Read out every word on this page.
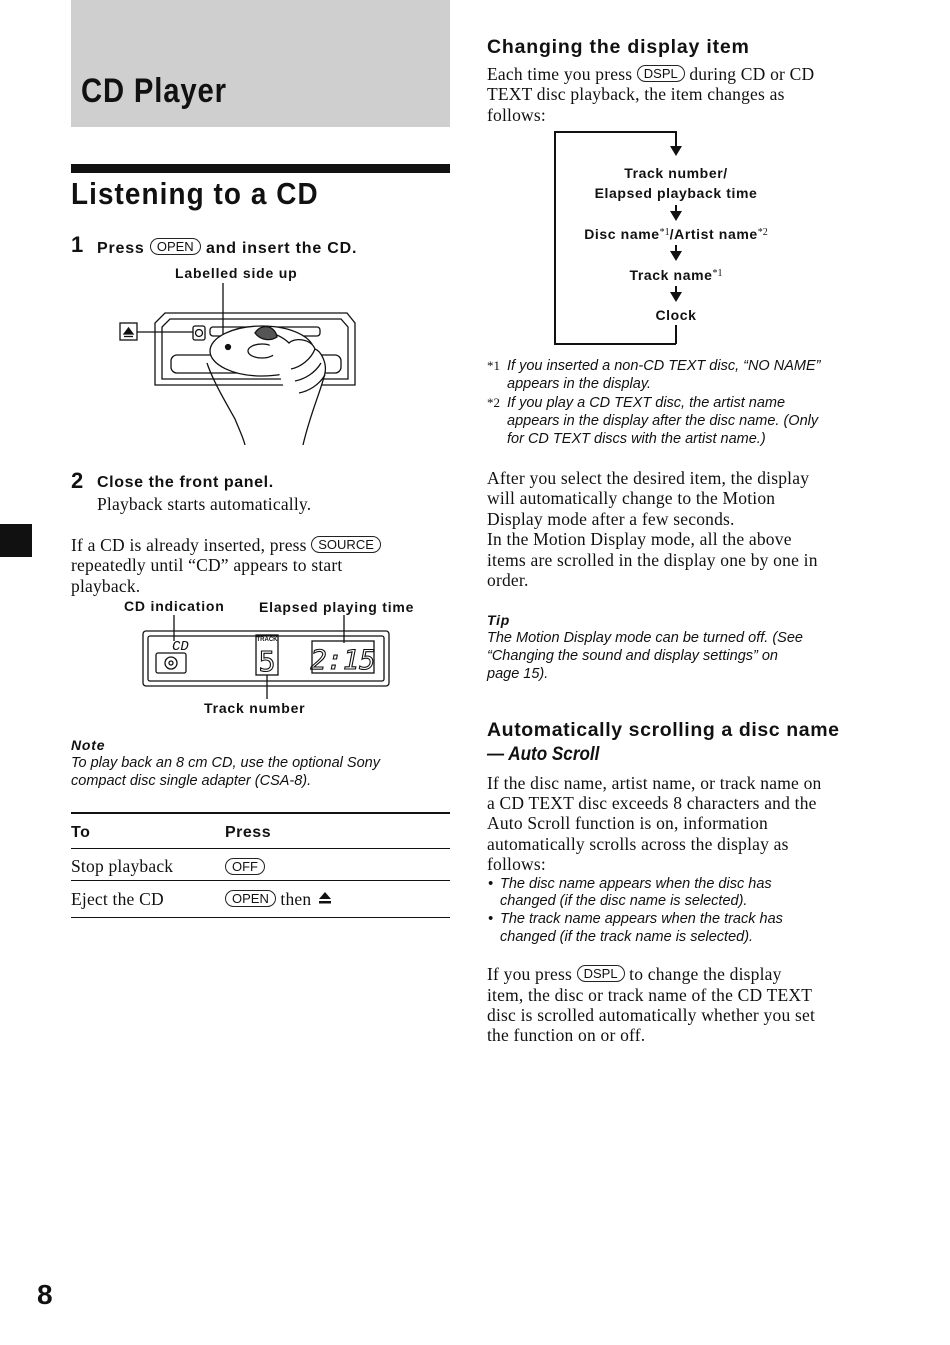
CD Player
Listening to a CD
1 Press OPEN and insert the CD.
Labelled side up
2 Close the front panel.
Playback starts automatically.
If a CD is already inserted, press SOURCE
repeatedly until “CD” appears to start
playback.
CD indication Elapsed playing time
Track number
CD	TRACK
5 2:15
Note
To play back an 8 cm CD, use the optional Sony
compact disc single adapter (CSA-8).
To	Press
Stop playback	OFF
Eject the CD	OPEN then
8
Changing the display item
Each time you press DSPL during CD or CD
TEXT disc playback, the item changes as
follows:
Track number/
Elapsed playback time
Disc name$^{*1}$/Artist name$^{*2}$
Track name$^{*1}$
Clock
*1 If you inserted a non-CD TEXT disc, “NO NAME”
appears in the display.
*2 If you play a CD TEXT disc, the artist name
appears in the display after the disc name. (Only
for CD TEXT discs with the artist name.)
After you select the desired item, the display
will automatically change to the Motion
Display mode after a few seconds.
In the Motion Display mode, all the above
items are scrolled in the display one by one in
order.
Tip
The Motion Display mode can be turned off. (See
“Changing the sound and display settings” on
page 15).
Automatically scrolling a disc name
— Auto Scroll
If the disc name, artist name, or track name on
a CD TEXT disc exceeds 8 characters and the
Auto Scroll function is on, information
automatically scrolls across the display as
follows:
• The disc name appears when the disc has
changed (if the disc name is selected).
• The track name appears when the track has
changed (if the track name is selected).
If you press DSPL to change the display
item, the disc or track name of the CD TEXT
disc is scrolled automatically whether you set
the function on or off.
